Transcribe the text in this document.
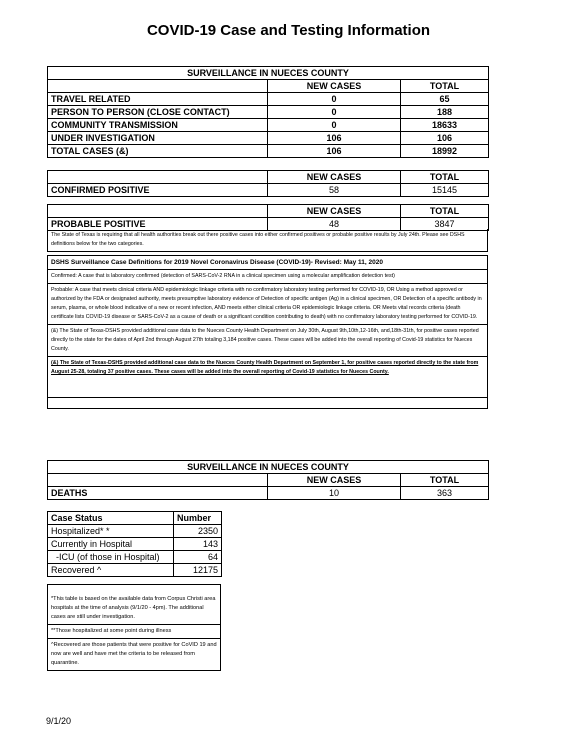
COVID-19 Case and Testing Information
SURVEILLANCE IN NUECES COUNTY		
	NEW CASES	TOTAL
TRAVEL RELATED	0	65
PERSON TO PERSON (CLOSE CONTACT)	0	188
COMMUNITY TRANSMISSION	0	18633
UNDER INVESTIGATION	106	106
TOTAL CASES (&)	106	18992
	NEW CASES	TOTAL
CONFIRMED POSITIVE	58	15145
	NEW CASES	TOTAL
PROBABLE POSITIVE	48	3847
The State of Texas is requiring that all health authorities break out there positive cases into either confirmed positives or probable positive results by July 24th. Please see DSHS definitions below for the two categories.
DSHS Surveillance Case Definitions for 2019 Novel Coronavirus Disease (COVID-19)- Revised: May 11, 2020
Confirmed: A case that is laboratory confirmed (detection of SARS-CoV-2 RNA in a clinical specimen using a molecular amplification detection test)
Probable: A case that meets clinical criteria AND epidemiologic linkage criteria with no confirmatory laboratory testing performed for COVID-19, OR Using a method approved or authorized by the FDA or designated authority, meets presumptive laboratory evidence of Detection of specific antigen (Ag) in a clinical specimen, OR Detection of a specific antibody in serum, plasma, or whole blood indicative of a new or recent infection, AND meets either clinical criteria OR epidemiologic linkage criteria. OR Meets vital records criteria (death certificate lists COVID-19 disease or SARS-CoV-2 as a cause of death or a significant condition contributing to death) with no confirmatory laboratory testing performed for COVID-19.
(&) The State of Texas-DSHS provided additional case data to the Nueces County Health Department on July 30th, August 9th,10th,12-16th, and,18th-31th, for positive cases reported directly to the state for the dates of April 2nd through August 27th totaling 3,184 positive cases. These cases will be added into the overall reporting of Covid-19 statistics for Nueces County.
(&) The State of Texas-DSHS provided additional case data to the Nueces County Health Department on September 1, for positive cases reported directly to the state from August 25-28, totaling 37 positive cases. These cases will be added into the overall reporting of Covid-19 statistics for Nueces County.
SURVEILLANCE IN NUECES COUNTY		
	NEW CASES	TOTAL
DEATHS	10	363
Case Status	Number
Hospitalized* *	2350
Currently in Hospital	143
-ICU (of those in Hospital)	64
Recovered ^	12175
*This table is based on the available data from Corpus Christi area hospitals at the time of analysis (9/1/20 - 4pm). The additional cases are still under investigation.
**Those hospitalized at some point during illness
^Recovered are those patients that were positive for CoVID 19 and now are well and have met the criteria to be released from quarantine.
9/1/20
